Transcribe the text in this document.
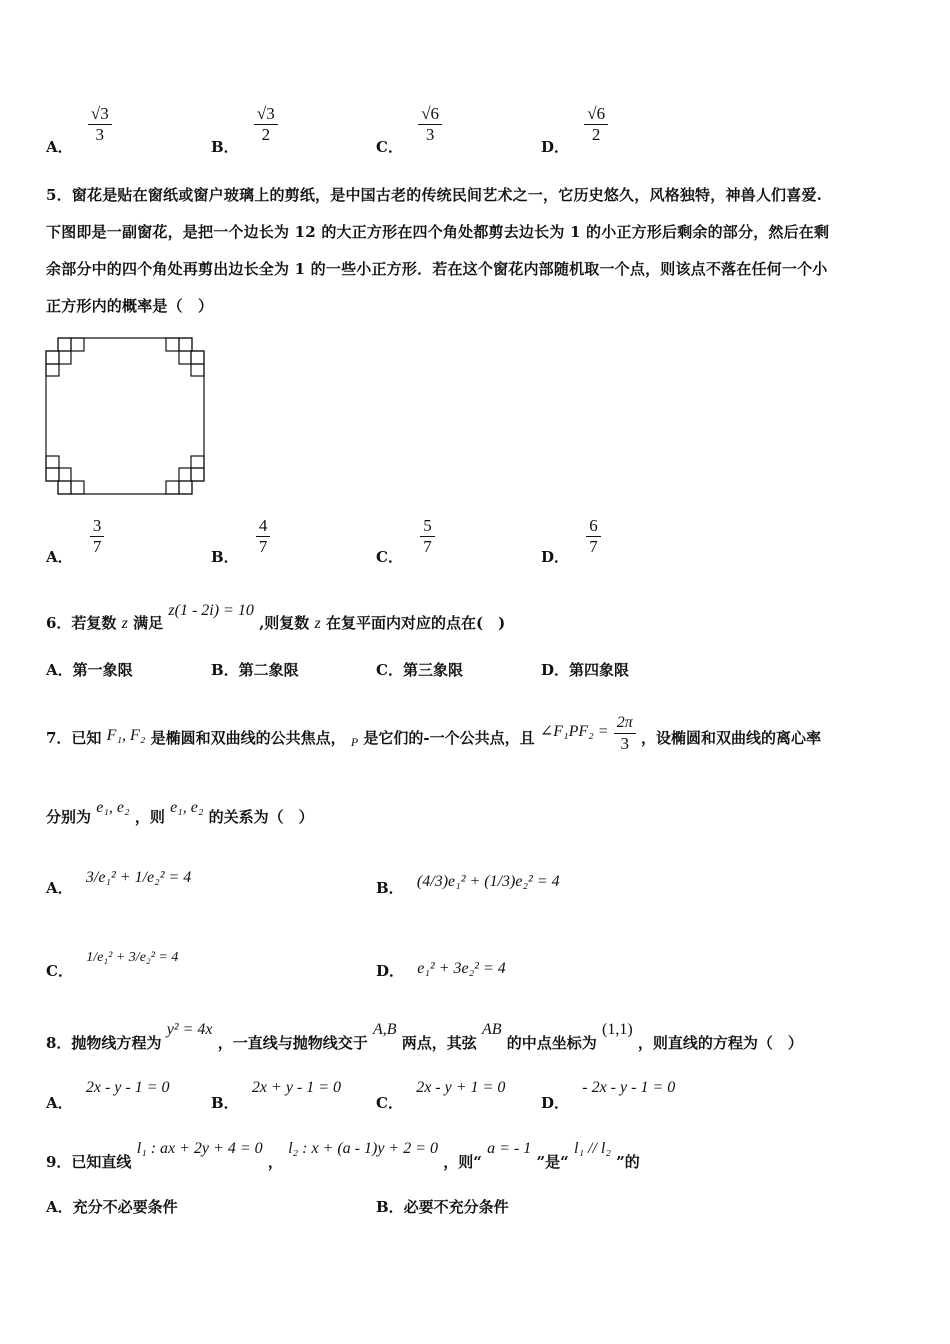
A．
$\frac{√3}{3}$
B．
$\frac{√3}{2}$
C．
$\frac{√6}{3}$
D．
$\frac{√6}{2}$
5．窗花是贴在窗纸或窗户玻璃上的剪纸，是中国古老的传统民间艺术之一，它历史悠久，风格独特，神兽人们喜爱.
下图即是一副窗花，是把一个边长为 12 的大正方形在四个角处都剪去边长为 1 的小正方形后剩余的部分，然后在剩
余部分中的四个角处再剪出边长全为 1 的一些小正方形．若在这个窗花内部随机取一个点，则该点不落在任何一个小
正方形内的概率是（　）
A． $\frac{3}{7}$	B． $\frac{4}{7}$	C． $\frac{5}{7}$	D． $\frac{6}{7}$
6．若复数 z 满足 z(1 - 2i) = 10 ,则复数 z 在复平面内对应的点在(　)
A．第一象限	B．第二象限	C．第三象限	D．第四象限
7．已知 F₁, F₂ 是椭圆和双曲线的公共焦点， $_P$ 是它们的-一个公共点，且 ∠F₁PF₂ = $\frac{2\pi}{3}$ ，设椭圆和双曲线的离心率
分别为 e₁, e₂ ，则 e₁, e₂ 的关系为（　）
A． 3/e₁² + 1/e₂² = 4
B． (4/3)e₁² + (1/3)e₂² = 4
C． 1/e₁² + 3/e₂² = 4
D． e₁² + 3e₂² = 4
8．抛物线方程为 y² = 4x ，一直线与抛物线交于 A,B 两点，其弦 AB 的中点坐标为 (1,1) ，则直线的方程为（　）
A． 2x - y - 1 = 0
B． 2x + y - 1 = 0
C． 2x - y + 1 = 0
D． - 2x - y - 1 = 0
9．已知直线 l₁ : ax + 2y + 4 = 0 ， l₂ : x + (a - 1)y + 2 = 0 ，则“ a = - 1 ”是“ l₁ // l₂ ”的
A．充分不必要条件	B．必要不充分条件
